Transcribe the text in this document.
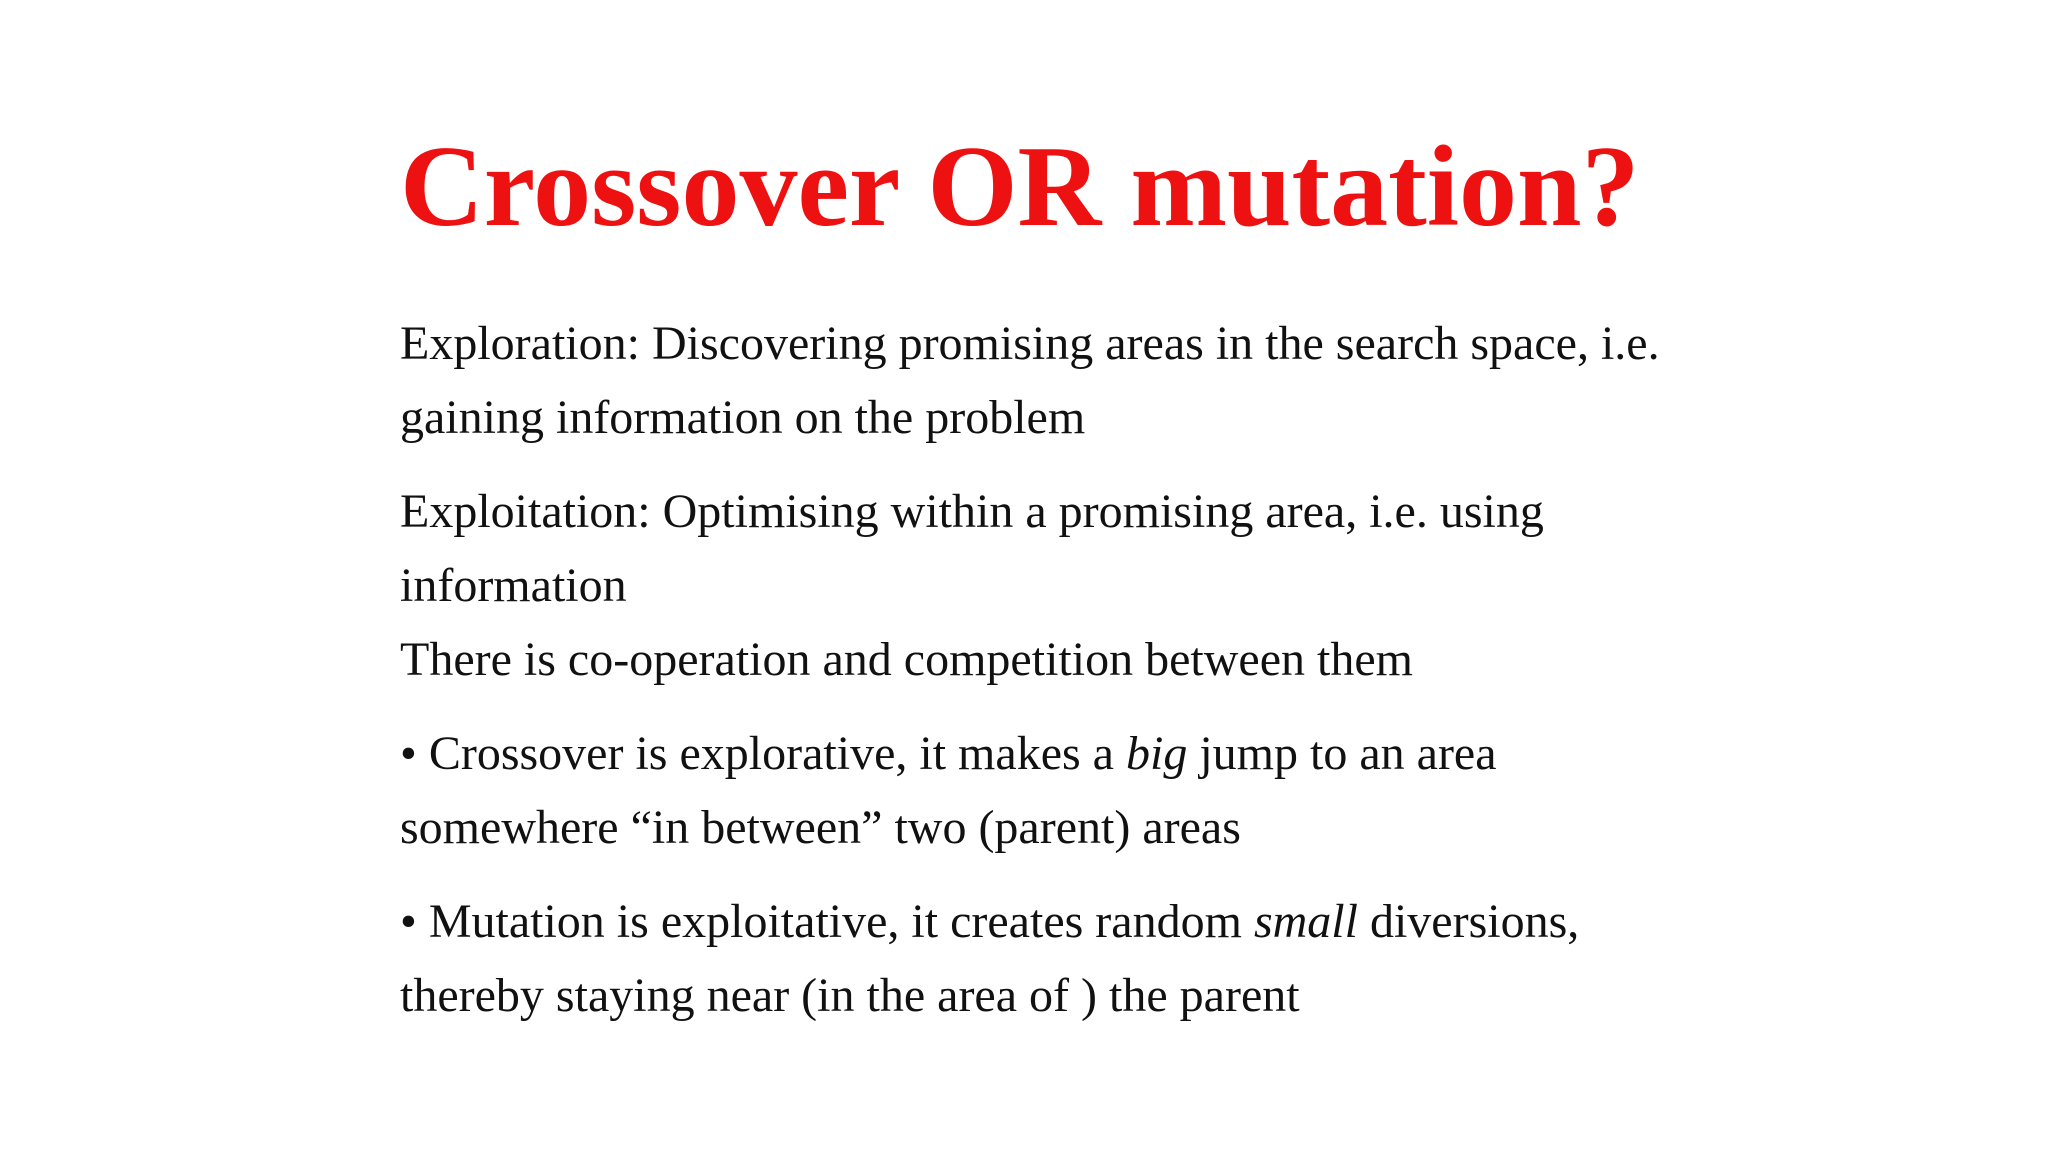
Crossover OR mutation?

Exploration: Discovering promising areas in the search space, i.e.
gaining information on the problem

Exploitation: Optimising within a promising area, i.e. using
information

There is co-operation and competition between them

• Crossover is explorative, it makes a big jump to an area
somewhere “in between” two (parent) areas

• Mutation is exploitative, it creates random small diversions,
thereby staying near (in the area of ) the parent
